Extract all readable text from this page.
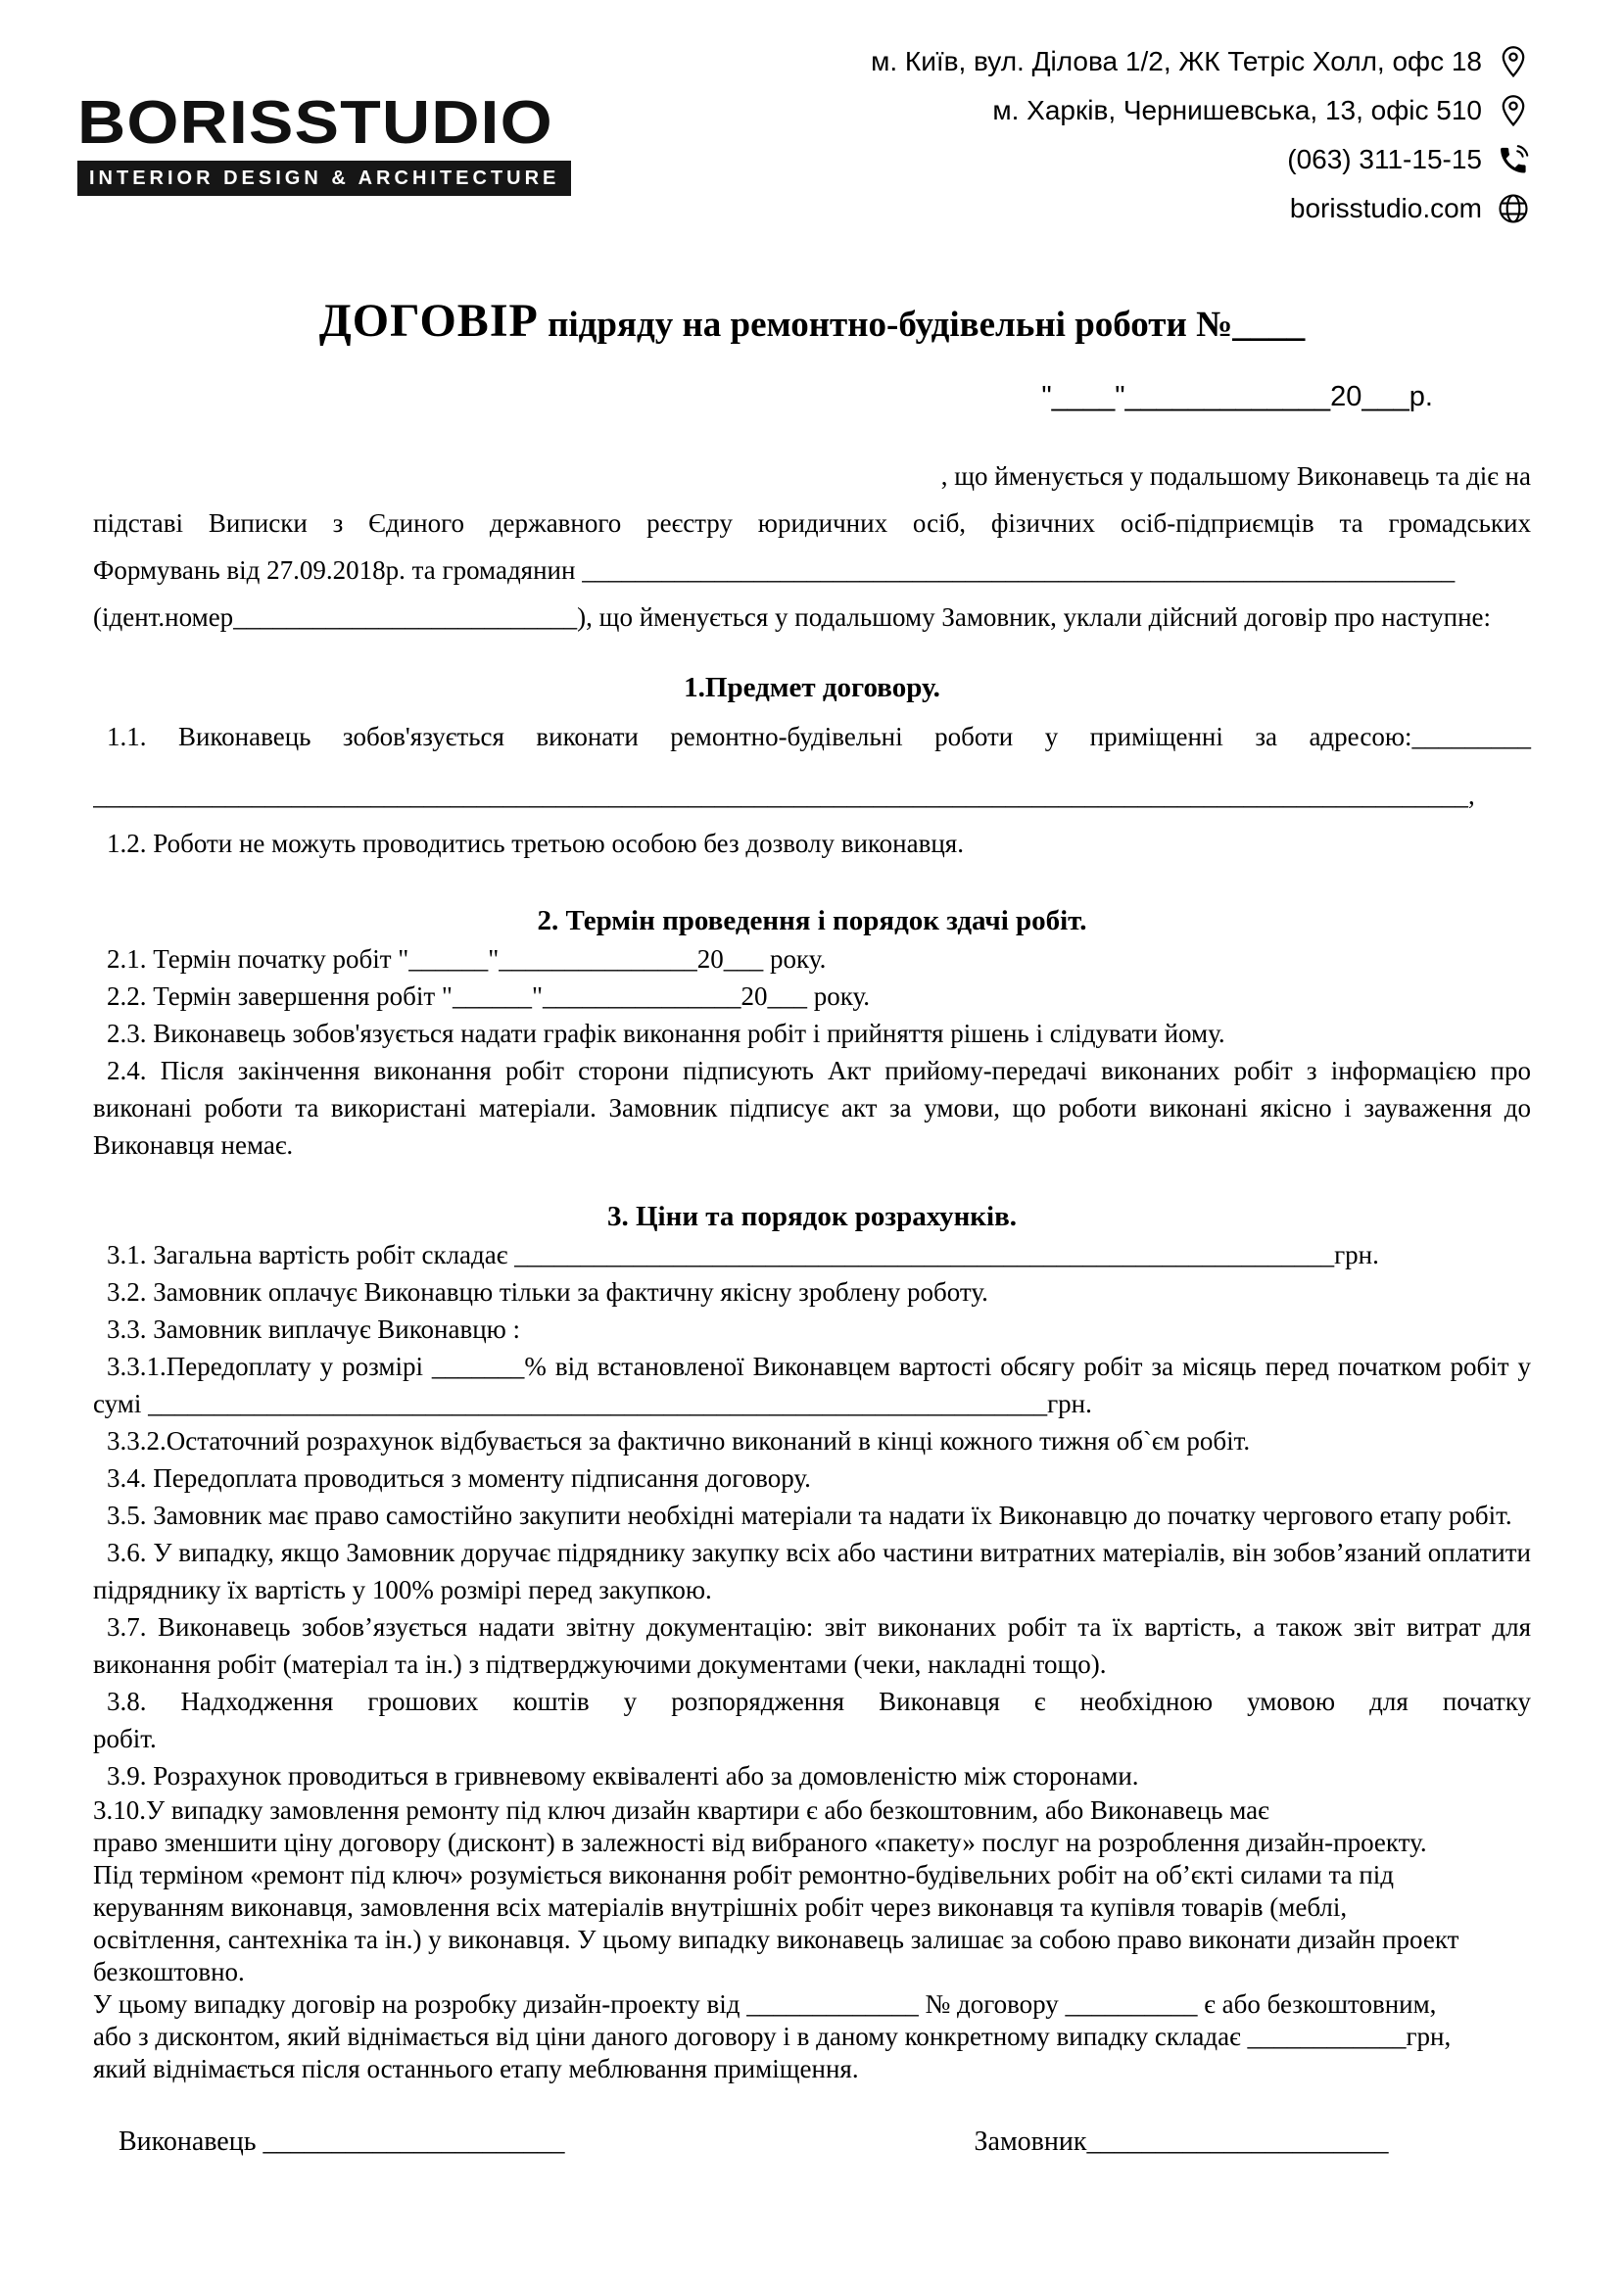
BORISSTUDIO
INTERIOR DESIGN & ARCHITECTURE
м. Київ, вул. Ділова 1/2, ЖК Тетріс Холл, офс 18
м. Харків, Чернишевська, 13, офіс 510
(063) 311-15-15
borisstudio.com
ДОГОВІР підряду на ремонтно-будівельні роботи №____
"____"_____________20___р.

, що йменується у подальшому Виконавець та діє на

підставі Виписки з Єдиного державного реєстру юридичних осіб, фізичних осіб-підприємців та громадських

Формувань від 27.09.2018р. та громадянин __________________________________________________________________

(ідент.номер__________________________), що йменується у подальшому Замовник, уклали дійсний договір про наступне:

1.Предмет договору.

1.1. Виконавець зобов'язується виконати ремонтно-будівельні роботи у приміщенні за адресою:_________

________________________________________________________________________________________________________,

1.2. Роботи не можуть проводитись третьою особою без дозволу виконавця.

2. Термін проведення і порядок здачі робіт.

2.1. Термін початку робіт "______"_______________20___ року.

2.2. Термін завершення робіт "______"_______________20___ року.

2.3. Виконавець зобов'язується надати графік виконання робіт і прийняття рішень і слідувати йому.

2.4. Після закінчення виконання робіт сторони підписують Акт прийому-передачі виконаних робіт з інформацією про виконані роботи та використані матеріали. Замовник підписує акт за умови, що роботи виконані якісно і зауваження до Виконавця немає.

3. Ціни та порядок розрахунків.

3.1. Загальна вартість робіт складає ______________________________________________________________грн.

3.2. Замовник оплачує Виконавцю тільки за фактичну якісну зроблену роботу.

3.3. Замовник виплачує Виконавцю :

3.3.1.Передоплату у розмірі _______% від встановленої Виконавцем вартості обсягу робіт за місяць перед початком робіт у сумі ____________________________________________________________________грн.

3.3.2.Остаточний розрахунок відбувається за фактично виконаний в кінці кожного тижня об`єм робіт.

3.4. Передоплата проводиться з моменту підписання договору.

3.5. Замовник має право самостійно закупити необхідні матеріали та надати їх Виконавцю до початку чергового етапу робіт.

3.6. У випадку, якщо Замовник доручає підряднику закупку всіх або частини витратних матеріалів, він зобов’язаний оплатити підряднику їх вартість у 100% розмірі перед закупкою.

3.7. Виконавець зобов’язується надати звітну документацію: звіт виконаних робіт та їх вартість, а також звіт витрат для виконання робіт (матеріал та ін.) з підтверджуючими документами (чеки, накладні тощо).

3.8. Надходження грошових коштів у розпорядження Виконавця є необхідною умовою для початку

робіт.

3.9. Розрахунок проводиться в гривневому еквіваленті або за домовленістю між сторонами.

3.10.У випадку замовлення ремонту під ключ дизайн квартири є або безкоштовним, або Виконавець має

право зменшити ціну договору (дисконт) в залежності від вибраного «пакету» послуг на розроблення дизайн-проекту.

Під терміном «ремонт під ключ» розуміється виконання робіт ремонтно-будівельних робіт на об’єкті силами та під

керуванням виконавця, замовлення всіх матеріалів внутрішніх робіт через виконавця та купівля товарів (меблі,

освітлення, сантехніка та ін.) у виконавця. У цьому випадку виконавець залишає за собою право виконати дизайн проект

безкоштовно.

У цьому випадку договір на розробку дизайн-проекту від _____________ № договору __________ є або безкоштовним,

або з дисконтом, який віднімається від ціни даного договору і в даному конкретному випадку складає ____________грн,

який віднімається після останнього етапу меблювання приміщення.

Виконавець ______________________	Замовник______________________
